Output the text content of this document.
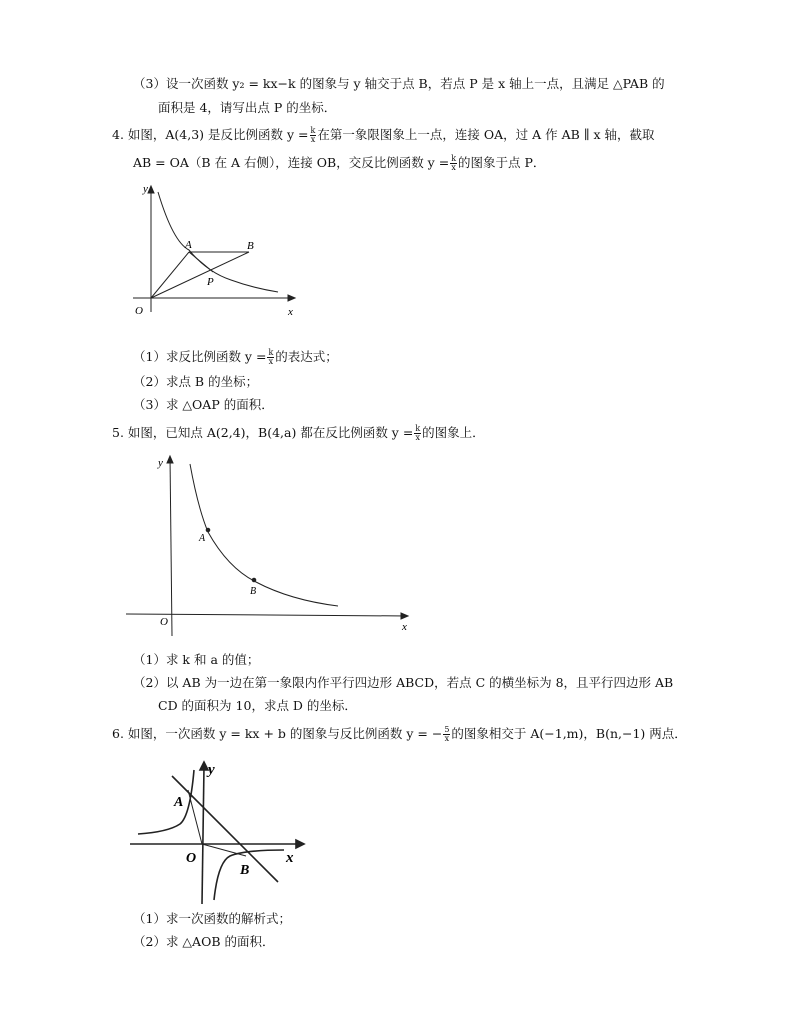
（3）设一次函数 y₂ = kx−k 的图象与 y 轴交于点 B，若点 P 是 x 轴上一点，且满足 △PAB 的
面积是 4，请写出点 P 的坐标．
4. 如图，A(4,3) 是反比例函数 $y = \frac{k}{x}$ 在第一象限图象上一点，连接 OA，过 A 作 AB ∥ x 轴，截取
AB = OA（B 在 A 右侧），连接 OB，交反比例函数 $y = \frac{k}{x}$ 的图象于点 P．
y
x
O
A	B
P
（1）求反比例函数 $y = \frac{k}{x}$ 的表达式；
（2）求点 B 的坐标；
（3）求 △OAP 的面积．
5. 如图，已知点 A(2,4)，B(4,a) 都在反比例函数 $y = \frac{k}{x}$ 的图象上．
y
x
O
A
B
（1）求 k 和 a 的值；
（2）以 AB 为一边在第一象限内作平行四边形 ABCD，若点 C 的横坐标为 8，且平行四边形 AB
CD 的面积为 10，求点 D 的坐标．
6. 如图，一次函数 y = kx + b 的图象与反比例函数 y = − $\frac{5}{x}$ 的图象相交于 A(−1,m)，B(n,−1) 两点．
y
x
O
A
B
（1）求一次函数的解析式；
（2）求 △AOB 的面积．
